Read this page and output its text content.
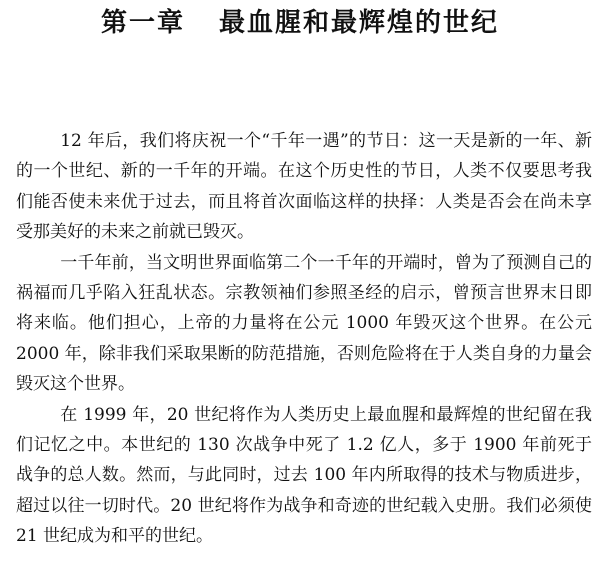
第一章 最血腥和最辉煌的世纪

12 年后，我们将庆祝一个“千年一遇”的节日：这一天是新的一年、新的一个世纪、新的一千年的开端。在这个历史性的节日，人类不仅要思考我们能否使未来优于过去，而且将首次面临这样的抉择：人类是否会在尚未享受那美好的未来之前就已毁灭。

一千年前，当文明世界面临第二个一千年的开端时，曾为了预测自己的祸福而几乎陷入狂乱状态。宗教领袖们参照圣经的启示，曾预言世界末日即将来临。他们担心，上帝的力量将在公元 1000 年毁灭这个世界。在公元 2000 年，除非我们采取果断的防范措施，否则危险将在于人类自身的力量会毁灭这个世界。

在 1999 年，20 世纪将作为人类历史上最血腥和最辉煌的世纪留在我们记忆之中。本世纪的 130 次战争中死了 1.2 亿人，多于 1900 年前死于战争的总人数。然而，与此同时，过去 100 年内所取得的技术与物质进步，超过以往一切时代。20 世纪将作为战争和奇迹的世纪载入史册。我们必须使 21 世纪成为和平的世纪。
